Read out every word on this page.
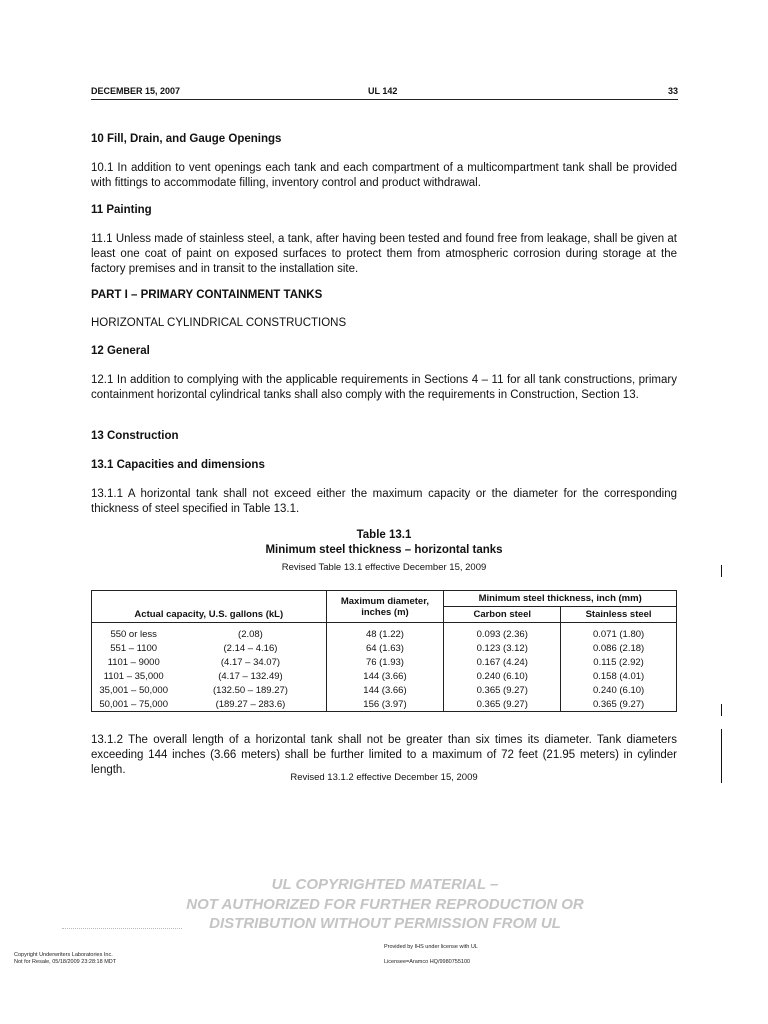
DECEMBER 15, 2007	UL 142	33
10 Fill, Drain, and Gauge Openings
10.1 In addition to vent openings each tank and each compartment of a multicompartment tank shall be provided with fittings to accommodate filling, inventory control and product withdrawal.
11 Painting
11.1 Unless made of stainless steel, a tank, after having been tested and found free from leakage, shall be given at least one coat of paint on exposed surfaces to protect them from atmospheric corrosion during storage at the factory premises and in transit to the installation site.
PART I – PRIMARY CONTAINMENT TANKS
HORIZONTAL CYLINDRICAL CONSTRUCTIONS
12 General
12.1 In addition to complying with the applicable requirements in Sections 4 – 11 for all tank constructions, primary containment horizontal cylindrical tanks shall also comply with the requirements in Construction, Section 13.
13 Construction
13.1 Capacities and dimensions
13.1.1 A horizontal tank shall not exceed either the maximum capacity or the diameter for the corresponding thickness of steel specified in Table 13.1.
Table 13.1
Minimum steel thickness – horizontal tanks
Revised Table 13.1 effective December 15, 2009
Actual capacity, U.S. gallons (kL)		Maximum diameter, inches (m)	Minimum steel thickness, inch (mm)	
			Carbon steel	Stainless steel
550 or less	(2.08)	48 (1.22)	0.093 (2.36)	0.071 (1.80)
551 – 1100	(2.14 – 4.16)	64 (1.63)	0.123 (3.12)	0.086 (2.18)
1101 – 9000	(4.17 – 34.07)	76 (1.93)	0.167 (4.24)	0.115 (2.92)
1101 – 35,000	(4.17 – 132.49)	144 (3.66)	0.240 (6.10)	0.158 (4.01)
35,001 – 50,000	(132.50 – 189.27)	144 (3.66)	0.365 (9.27)	0.240 (6.10)
50,001 – 75,000	(189.27 – 283.6)	156 (3.97)	0.365 (9.27)	0.365 (9.27)
13.1.2 The overall length of a horizontal tank shall not be greater than six times its diameter. Tank diameters exceeding 144 inches (3.66 meters) shall be further limited to a maximum of 72 feet (21.95 meters) in cylinder length.
Revised 13.1.2 effective December 15, 2009
UL COPYRIGHTED MATERIAL –
NOT AUTHORIZED FOR FURTHER REPRODUCTION OR
DISTRIBUTION WITHOUT PERMISSION FROM UL
Copyright Underwriters Laboratories Inc.
Not for Resale, 05/18/2009 23:28:18 MDT
Provided by IHS under license with UL
Licensee=Aramco HQ/9980755100
